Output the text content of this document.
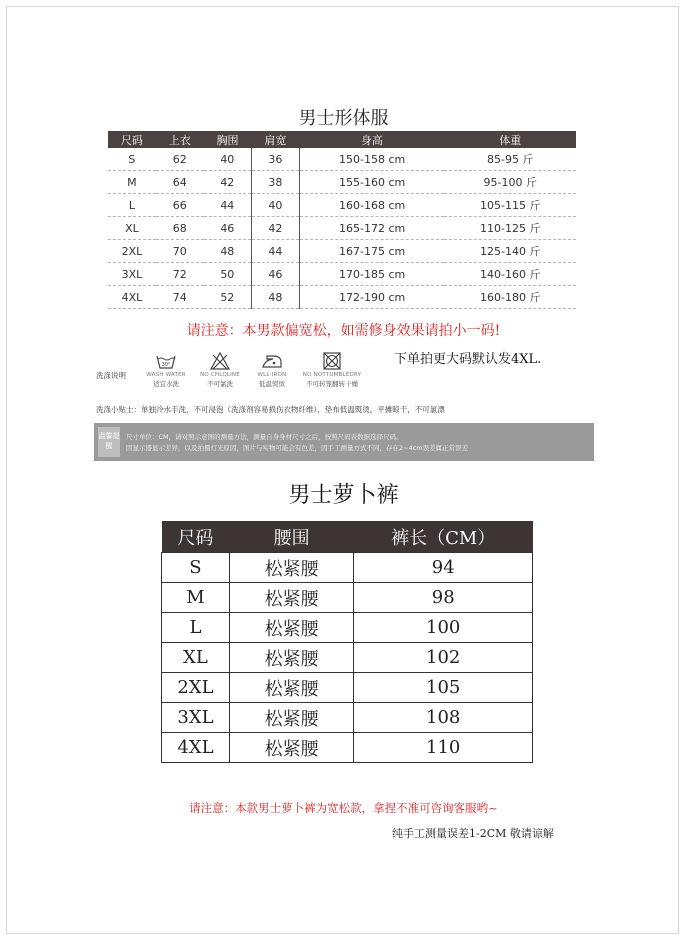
男士形体服
尺码	上衣	胸围	肩宽	身高	体重
S	62	40	36	150-158 cm	85-95 斤
M	64	42	38	155-160 cm	95-100 斤
L	66	44	40	160-168 cm	105-115 斤
XL	68	46	42	165-172 cm	110-125 斤
2XL	70	48	44	167-175 cm	125-140 斤
3XL	72	50	46	170-185 cm	140-160 斤
4XL	74	52	48	172-190 cm	160-180 斤
请注意：本男款偏宽松，如需修身效果请拍小一码!
下单拍更大码默认发4XL.
洗涤说明
30°
WASH WATER
适宜水洗
NO CHLOLINE
不可氯洗
WLL-IRON
低温熨烫
NO NOTTUMBLEDRY
不可转笼翻转干燥
洗涤小贴士：单独冷水手洗，不可浸泡（洗涤剂容易损伤衣物纤维），垫布低温熨烫，平摊晾干，不可氯漂
温馨提醒
尺寸单位：CM，请对照示意图的测量方法，测量自身身材尺寸之后，按照尺码表数据选择尺码。
因显示器显示差异，以及拍摄灯光原因，图片与实物可能会有色差，因手工测量方式不同，存在2~4cm误差属正常误差
男士萝卜裤
尺码	腰围	裤长（CM）
S	松紧腰	94
M	松紧腰	98
L	松紧腰	100
XL	松紧腰	102
2XL	松紧腰	105
3XL	松紧腰	108
4XL	松紧腰	110
请注意：本款男士萝卜裤为宽松款，拿捏不准可咨询客服哟~
纯手工测量误差1-2CM 敬请谅解
